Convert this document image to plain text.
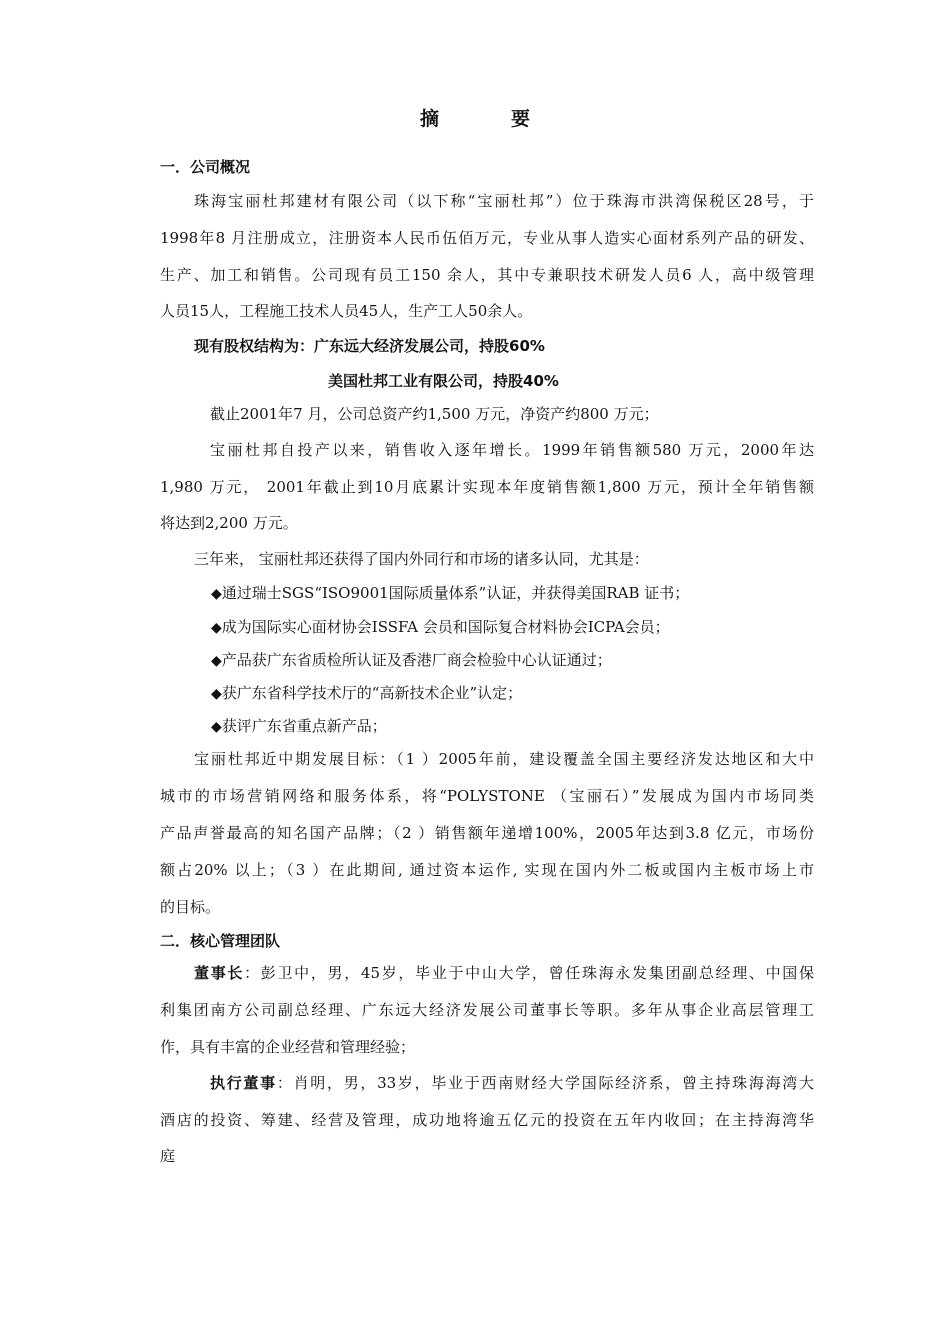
摘	要
一．公司概况
珠海宝丽杜邦建材有限公司（以下称“宝丽杜邦”）位于珠海市洪湾保税区28号，于
1998年8 月注册成立，注册资本人民币伍佰万元，专业从事人造实心面材系列产品的研发、
生产、加工和销售。公司现有员工150 余人，其中专兼职技术研发人员6 人，高中级管理
人员15人，工程施工技术人员45人，生产工人50余人。
现有股权结构为：广东远大经济发展公司，持股60%
美国杜邦工业有限公司，持股40%
截止2001年7 月，公司总资产约1,500 万元，净资产约800 万元；
宝丽杜邦自投产以来，销售收入逐年增长。1999年销售额580 万元，2000年达
1,980 万元， 2001年截止到10月底累计实现本年度销售额1,800 万元，预计全年销售额
将达到2,200 万元。
三年来， 宝丽杜邦还获得了国内外同行和市场的诸多认同，尤其是：
◆ 通过瑞士SGS“ISO9001国际质量体系”认证，并获得美国RAB 证书；
◆ 成为国际实心面材协会ISSFA 会员和国际复合材料协会ICPA会员；
◆ 产品获广东省质检所认证及香港厂商会检验中心认证通过；
◆ 获广东省科学技术厅的“高新技术企业”认定；
◆ 获评广东省重点新产品；
宝丽杜邦近中期发展目标：（1 ）2005年前，建设覆盖全国主要经济发达地区和大中
城市的市场营销网络和服务体系，将“POLYSTONE （宝丽石）”发展成为国内市场同类
产品声誉最高的知名国产品牌；（2 ）销售额年递增100%，2005年达到3.8 亿元，市场份
额占20% 以上；（3 ）在此期间, 通过资本运作, 实现在国内外二板或国内主板市场上市
的目标。
二．核心管理团队
董事长：彭卫中，男，45岁，毕业于中山大学，曾任珠海永发集团副总经理、中国保
利集团南方公司副总经理、广东远大经济发展公司董事长等职。多年从事企业高层管理工
作，具有丰富的企业经营和管理经验；
执行董事：肖明，男，33岁，毕业于西南财经大学国际经济系，曾主持珠海海湾大
酒店的投资、筹建、经营及管理，成功地将逾五亿元的投资在五年内收回；在主持海湾华
庭
